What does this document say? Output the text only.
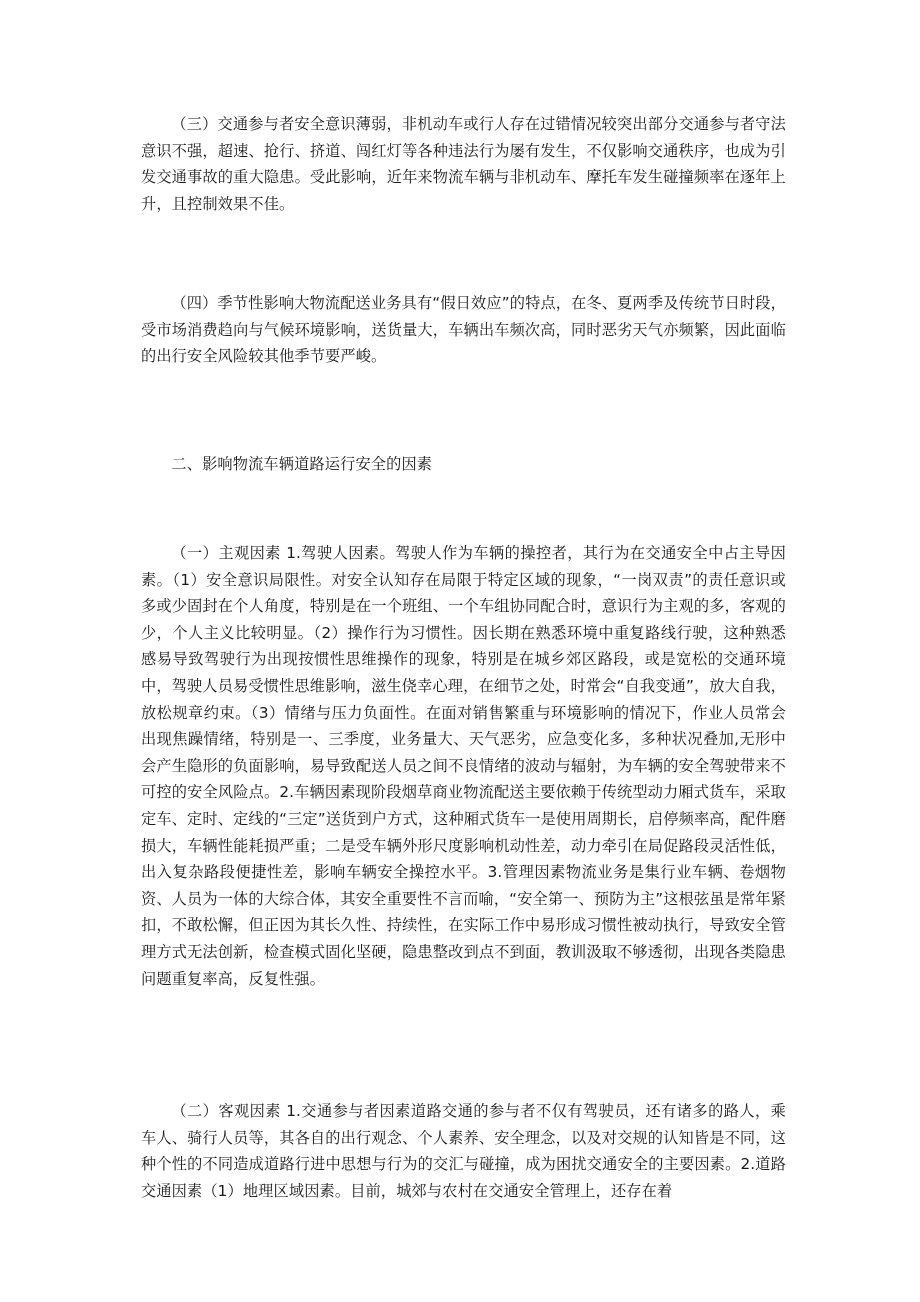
（三）交通参与者安全意识薄弱，非机动车或行人存在过错情况较突出部分交通参与者守法意识不强，超速、抢行、挤道、闯红灯等各种违法行为屡有发生，不仅影响交通秩序，也成为引发交通事故的重大隐患。受此影响，近年来物流车辆与非机动车、摩托车发生碰撞频率在逐年上升，且控制效果不佳。

（四）季节性影响大物流配送业务具有“假日效应”的特点，在冬、夏两季及传统节日时段，受市场消费趋向与气候环境影响，送货量大，车辆出车频次高，同时恶劣天气亦频繁，因此面临的出行安全风险较其他季节要严峻。

二、影响物流车辆道路运行安全的因素

（一）主观因素 1.驾驶人因素。驾驶人作为车辆的操控者，其行为在交通安全中占主导因素。（1）安全意识局限性。对安全认知存在局限于特定区域的现象，“一岗双责”的责任意识或多或少固封在个人角度，特别是在一个班组、一个车组协同配合时，意识行为主观的多，客观的少，个人主义比较明显。（2）操作行为习惯性。因长期在熟悉环境中重复路线行驶，这种熟悉感易导致驾驶行为出现按惯性思维操作的现象，特别是在城乡郊区路段，或是宽松的交通环境中，驾驶人员易受惯性思维影响，滋生侥幸心理，在细节之处，时常会“自我变通”，放大自我，放松规章约束。（3）情绪与压力负面性。在面对销售繁重与环境影响的情况下，作业人员常会出现焦躁情绪，特别是一、三季度，业务量大、天气恶劣，应急变化多，多种状况叠加,无形中会产生隐形的负面影响，易导致配送人员之间不良情绪的波动与辐射，为车辆的安全驾驶带来不可控的安全风险点。2.车辆因素现阶段烟草商业物流配送主要依赖于传统型动力厢式货车，采取定车、定时、定线的“三定”送货到户方式，这种厢式货车一是使用周期长，启停频率高，配件磨损大，车辆性能耗损严重；二是受车辆外形尺度影响机动性差，动力牵引在局促路段灵活性低，出入复杂路段便捷性差，影响车辆安全操控水平。3.管理因素物流业务是集行业车辆、卷烟物资、人员为一体的大综合体，其安全重要性不言而喻，“安全第一、预防为主”这根弦虽是常年紧扣，不敢松懈，但正因为其长久性、持续性，在实际工作中易形成习惯性被动执行，导致安全管理方式无法创新，检查模式固化坚硬，隐患整改到点不到面，教训汲取不够透彻，出现各类隐患问题重复率高，反复性强。

（二）客观因素 1.交通参与者因素道路交通的参与者不仅有驾驶员，还有诸多的路人，乘车人、骑行人员等，其各自的出行观念、个人素养、安全理念，以及对交规的认知皆是不同，这种个性的不同造成道路行进中思想与行为的交汇与碰撞，成为困扰交通安全的主要因素。2.道路交通因素（1）地理区域因素。目前，城郊与农村在交通安全管理上，还存在着
